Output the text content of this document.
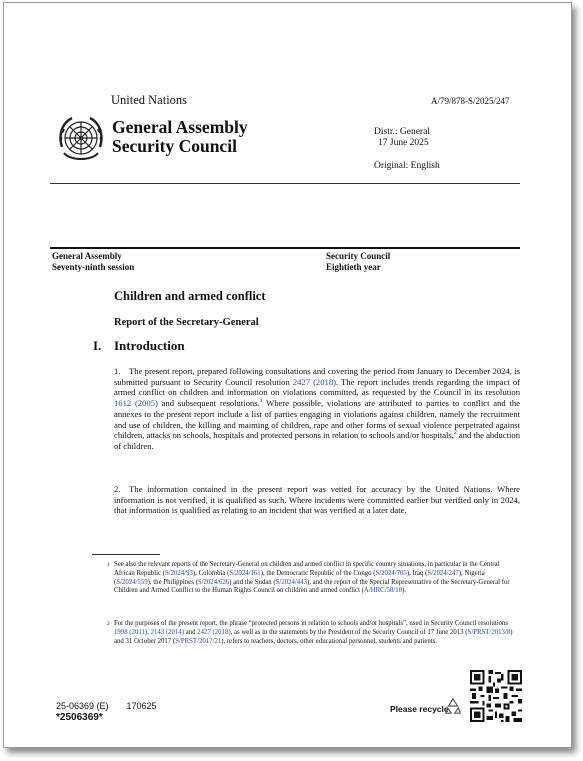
United Nations	A/79/878-S/2025/247
General Assembly
Security Council
Distr.: General
17 June 2025
Original: English
General Assembly
Seventy-ninth session
Security Council
Eightieth year
Children and armed conflict
Report of the Secretary-General
I. Introduction
1. The present report, prepared following consultations and covering the period from January to December 2024, is submitted pursuant to Security Council resolution 2427 (2018). The report includes trends regarding the impact of armed conflict on children and information on violations committed, as requested by the Council in its resolution 1612 (2005) and subsequent resolutions.$^1$ Where possible, violations are attributed to parties to conflict and the annexes to the present report include a list of parties engaging in violations against children, namely the recruitment and use of children, the killing and maiming of children, rape and other forms of sexual violence perpetrated against children, attacks on schools, hospitals and protected persons in relation to schools and/or hospitals,$^2$ and the abduction of children.
2. The information contained in the present report was vetted for accuracy by the United Nations. Where information is not verified, it is qualified as such. Where incidents were committed earlier but verified only in 2024, that information is qualified as relating to an incident that was verified at a later date.
1 See also the relevant reports of the Secretary-General on children and armed conflict in specific country situations, in particular in the Central African Republic (S/2024/93), Colombia (S/2024/161), the Democratic Republic of the Congo (S/2024/705), Iraq (S/2024/247), Nigeria (S/2024/559), the Philippines (S/2024/626) and the Sudan (S/2024/443), and the report of the Special Representative of the Secretary-General for Children and Armed Conflict to the Human Rights Council on children and armed conflict (A/HRC/58/18).
2 For the purposes of the present report, the phrase “protected persons in relation to schools and/or hospitals”, used in Security Council resolutions 1998 (2011), 2143 (2014) and 2427 (2018), as well as in the statements by the President of the Security Council of 17 June 2013 (S/PRST/2013/8) and 31 October 2017 (S/PRST/2017/21), refers to teachers, doctors, other educational personnel, students and patients.
25-06369 (E)  170625
*2506369*
Please recycle
